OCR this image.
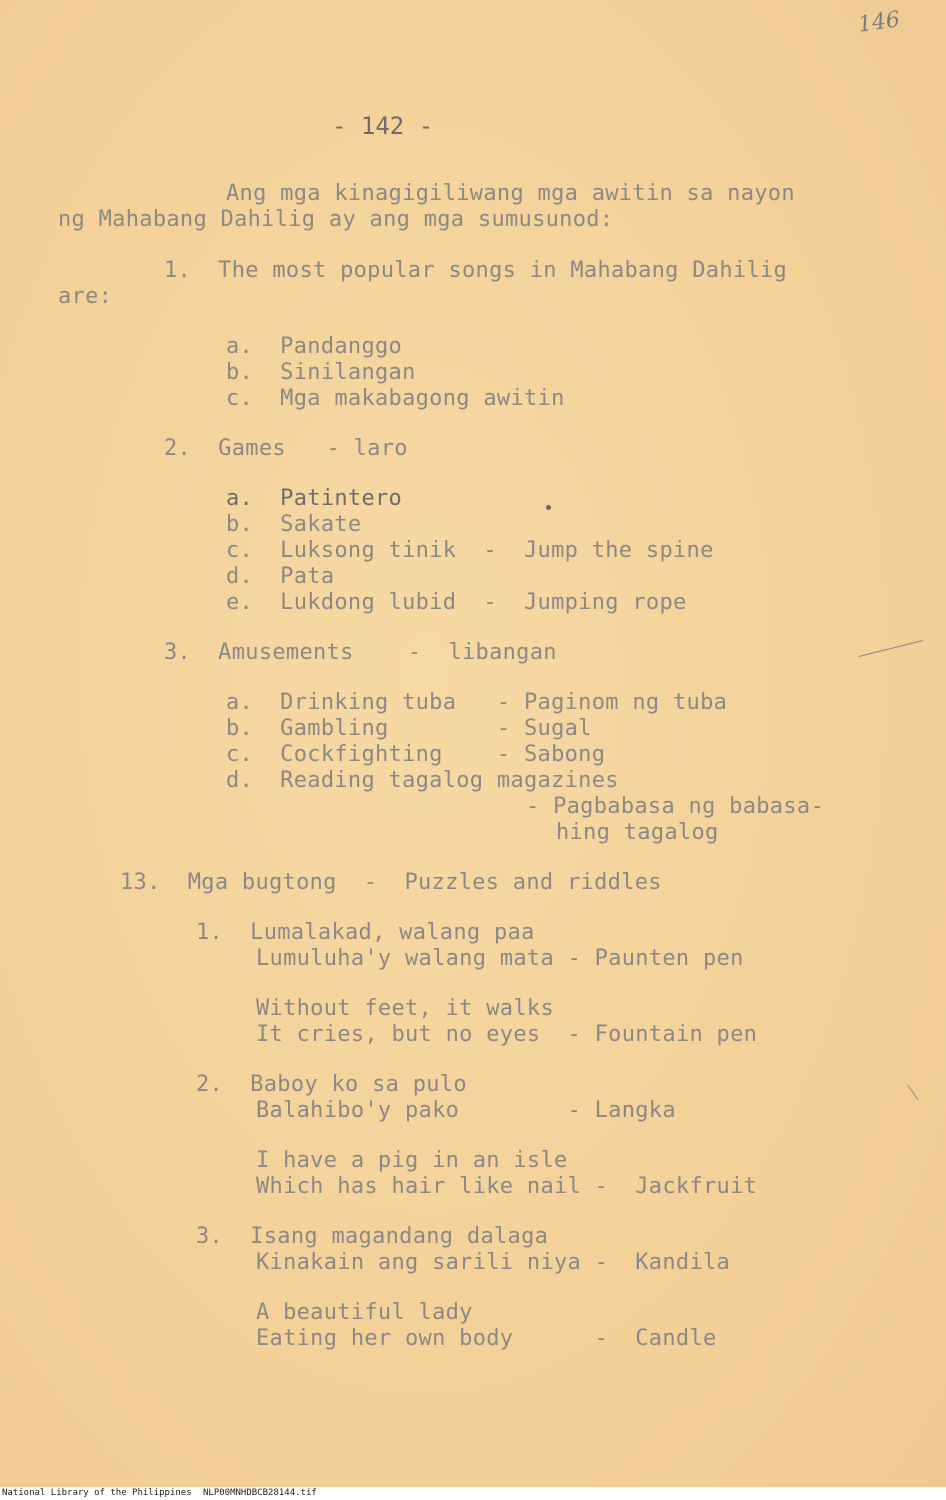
146
- 142 -
Ang mga kinagigiliwang mga awitin sa nayon
ng Mahabang Dahilig ay ang mga sumusunod:
1.  The most popular songs in Mahabang Dahilig
are:
a.  Pandanggo
b.  Sinilangan
c.  Mga makabagong awitin
2.  Games   - laro
a.  Patintero
b.  Sakate
c.  Luksong tinik  -  Jump the spine
d.  Pata
e.  Lukdong lubid  -  Jumping rope
3.  Amusements    -  libangan
a.  Drinking tuba   - Paginom ng tuba
b.  Gambling        - Sugal
c.  Cockfighting    - Sabong
d.  Reading tagalog magazines
- Pagbabasa ng babasa-
hing tagalog
13.  Mga bugtong  -  Puzzles and riddles
1.  Lumalakad, walang paa
Lumuluha'y walang mata - Paunten pen
Without feet, it walks
It cries, but no eyes  - Fountain pen
2.  Baboy ko sa pulo
Balahibo'y pako        - Langka
I have a pig in an isle
Which has hair like nail -  Jackfruit
3.  Isang magandang dalaga
Kinakain ang sarili niya -  Kandila
A beautiful lady
Eating her own body      -  Candle
National Library of the Philippines NLP00MNHDBCB28144.tif
